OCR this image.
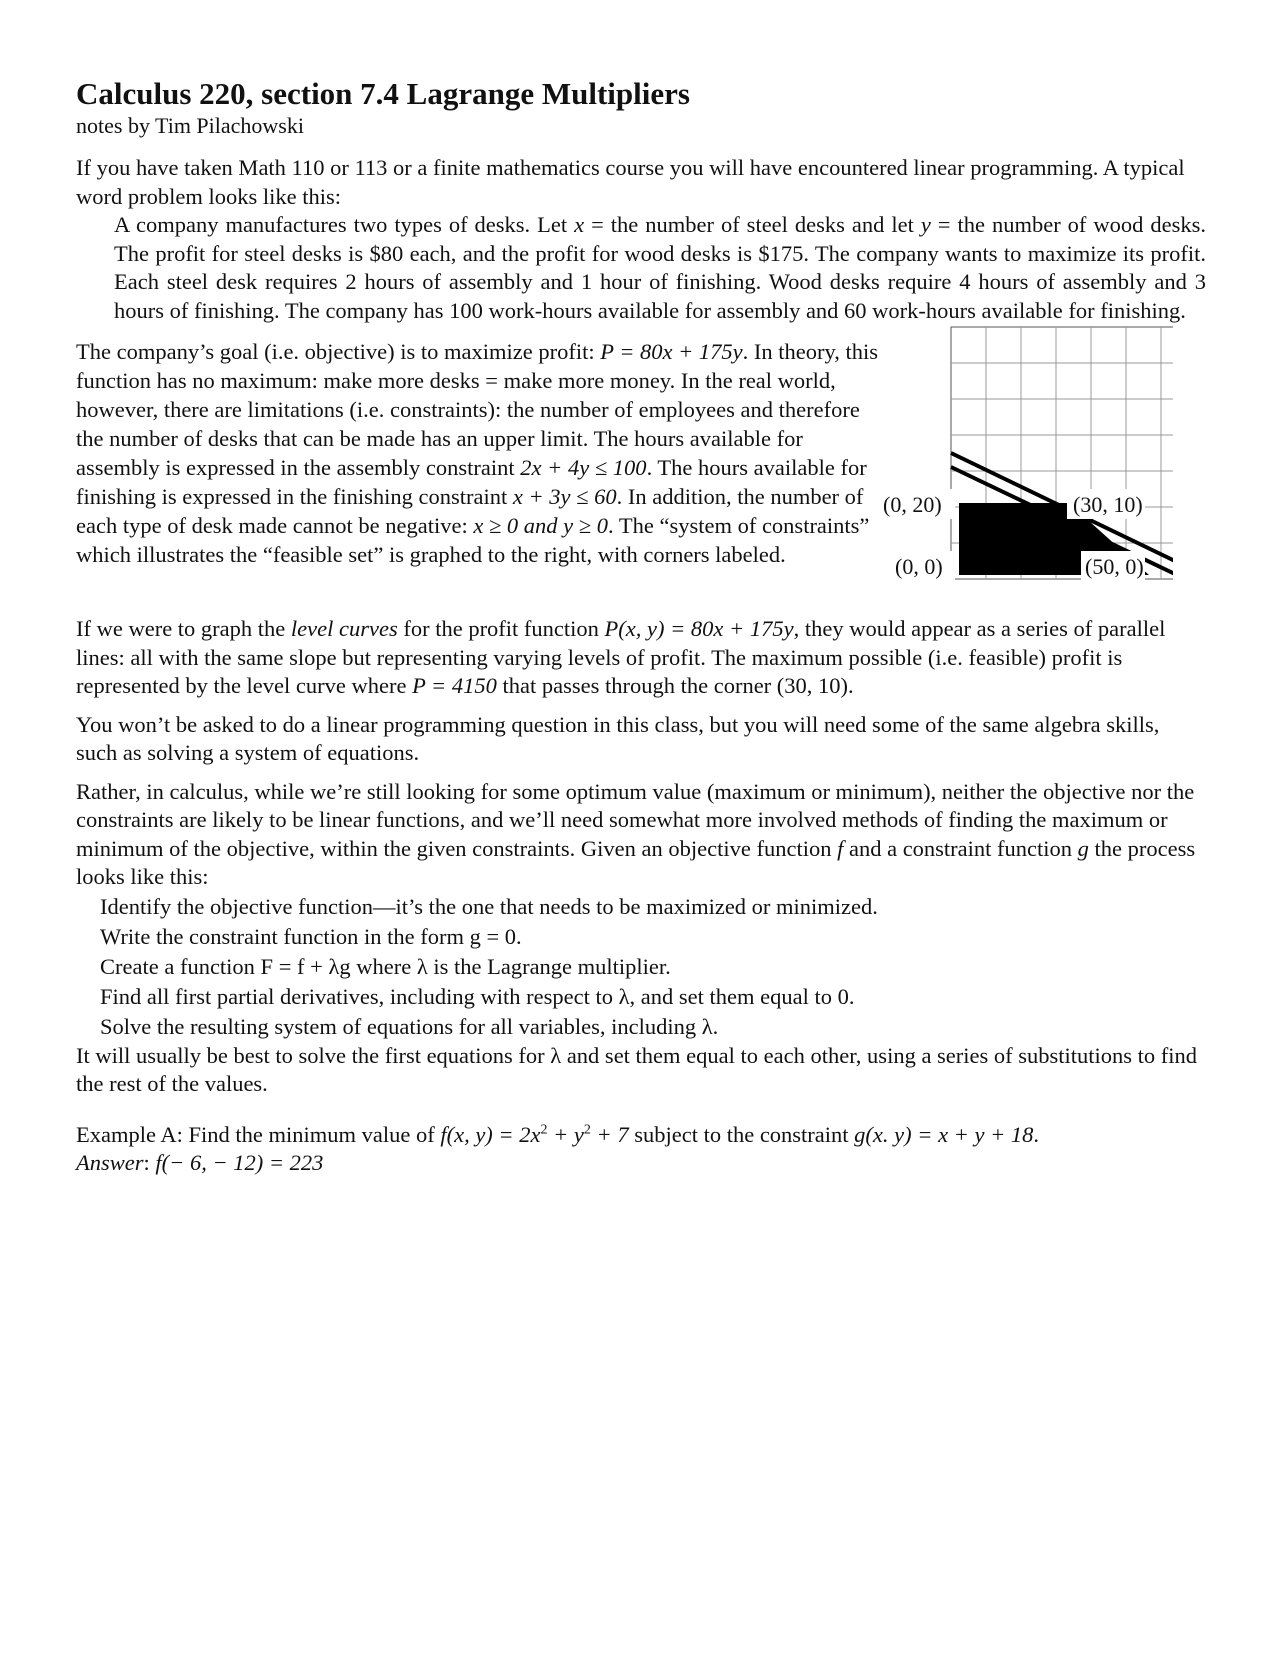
Calculus 220, section 7.4 Lagrange Multipliers
notes by Tim Pilachowski

If you have taken Math 110 or 113 or a finite mathematics course you will have encountered linear programming. A typical word problem looks like this:

A company manufactures two types of desks. Let x = the number of steel desks and let y = the number of wood desks. The profit for steel desks is $80 each, and the profit for wood desks is $175. The company wants to maximize its profit. Each steel desk requires 2 hours of assembly and 1 hour of finishing. Wood desks require 4 hours of assembly and 3 hours of finishing. The company has 100 work-hours available for assembly and 60 work-hours available for finishing.

The company’s goal (i.e. objective) is to maximize profit: P = 80x + 175y. In theory, this function has no maximum: make more desks = make more money. In the real world, however, there are limitations (i.e. constraints): the number of employees and therefore the number of desks that can be made has an upper limit. The hours available for assembly is expressed in the assembly constraint 2x + 4y ≤ 100. The hours available for finishing is expressed in the finishing constraint x + 3y ≤ 60. In addition, the number of each type of desk made cannot be negative: x ≥ 0 and y ≥ 0. The “system of constraints” which illustrates the “feasible set” is graphed to the right, with corners labeled.

(0, 20)	(30, 10)
(0, 0)	(50, 0)

If we were to graph the level curves for the profit function P(x, y) = 80x + 175y, they would appear as a series of parallel lines: all with the same slope but representing varying levels of profit. The maximum possible (i.e. feasible) profit is represented by the level curve where P = 4150 that passes through the corner (30, 10).

You won’t be asked to do a linear programming question in this class, but you will need some of the same algebra skills, such as solving a system of equations.

Rather, in calculus, while we’re still looking for some optimum value (maximum or minimum), neither the objective nor the constraints are likely to be linear functions, and we’ll need somewhat more involved methods of finding the maximum or minimum of the objective, within the given constraints. Given an objective function f and a constraint function g the process looks like this:

Identify the objective function—it’s the one that needs to be maximized or minimized.
Write the constraint function in the form g = 0.
Create a function F = f + λg where λ is the Lagrange multiplier.
Find all first partial derivatives, including with respect to λ, and set them equal to 0.
Solve the resulting system of equations for all variables, including λ.

It will usually be best to solve the first equations for λ and set them equal to each other, using a series of substitutions to find the rest of the values.

Example A: Find the minimum value of f(x, $y) = 2x^2 + y^2 + 7$ subject to the constraint g(x. y) = x + y + 18.

Answer: f(− 6, − 12) = 223
